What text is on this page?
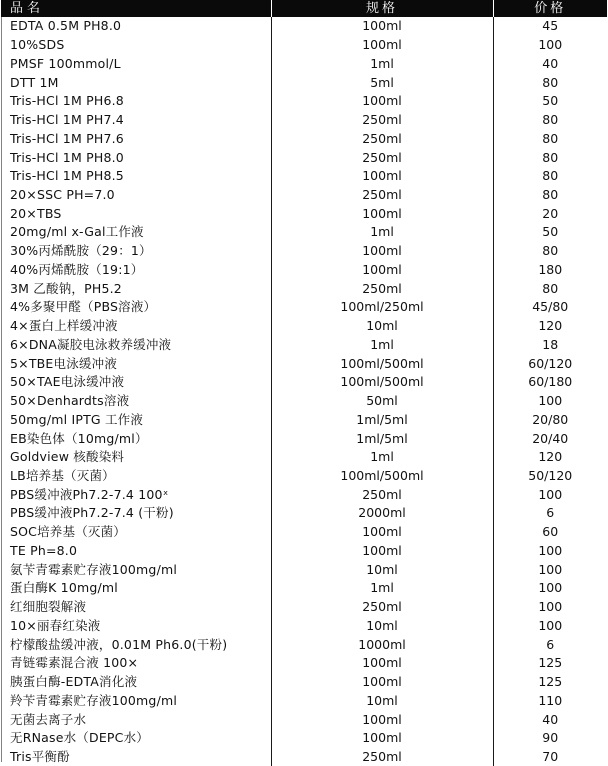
品名	规格	价格
EDTA 0.5M PH8.0	100ml	45
10%SDS	100ml	100
PMSF 100mmol/L	1ml	40
DTT 1M	5ml	80
Tris-HCl 1M PH6.8	100ml	50
Tris-HCl 1M PH7.4	250ml	80
Tris-HCl 1M PH7.6	250ml	80
Tris-HCl 1M PH8.0	250ml	80
Tris-HCl 1M PH8.5	100ml	80
20×SSC PH=7.0	250ml	80
20×TBS	100ml	20
20mg/ml x-Gal工作液	1ml	50
30%丙烯酰胺（29：1）	100ml	80
40%丙烯酰胺（19:1）	100ml	180
3M 乙酸钠，PH5.2	250ml	80
4%多聚甲醛（PBS溶液）	100ml/250ml	45/80
4×蛋白上样缓冲液	10ml	120
6×DNA凝胶电泳救养缓冲液	1ml	18
5×TBE电泳缓冲液	100ml/500ml	60/120
50×TAE电泳缓冲液	100ml/500ml	60/180
50×Denhardts溶液	50ml	100
50mg/ml IPTG 工作液	1ml/5ml	20/80
EB染色体（10mg/ml）	1ml/5ml	20/40
Goldview 核酸染料	1ml	120
LB培养基（灭菌）	100ml/500ml	50/120
PBS缓冲液Ph7.2-7.4 100ˣ	250ml	100
PBS缓冲液Ph7.2-7.4 (干粉)	2000ml	6
SOC培养基（灭菌）	100ml	60
TE Ph=8.0	100ml	100
氨苄青霉素贮存液100mg/ml	10ml	100
蛋白酶K 10mg/ml	1ml	100
红细胞裂解液	250ml	100
10×丽春红染液	10ml	100
柠檬酸盐缓冲液，0.01M Ph6.0(干粉)	1000ml	6
青链霉素混合液 100×	100ml	125
胰蛋白酶-EDTA消化液	100ml	125
羚苄青霉素贮存液100mg/ml	10ml	110
无菌去离子水	100ml	40
无RNase水（DEPC水）	100ml	90
Tris平衡酚	250ml	70
